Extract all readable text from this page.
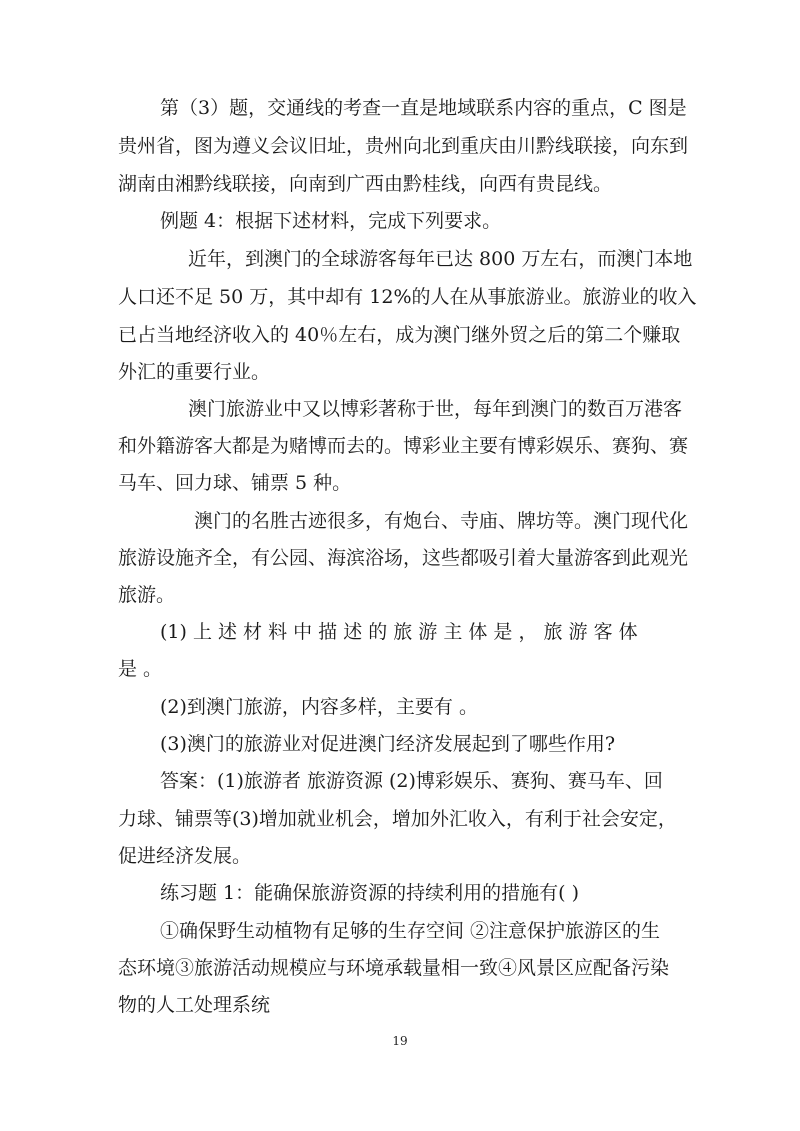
第（3）题，交通线的考查一直是地域联系内容的重点，C 图是
贵州省，图为遵义会议旧址，贵州向北到重庆由川黔线联接，向东到
湖南由湘黔线联接，向南到广西由黔桂线，向西有贵昆线。
例题 4：根据下述材料，完成下列要求。
近年，到澳门的全球游客每年已达 800 万左右，而澳门本地
人口还不足 50 万，其中却有 12%的人在从事旅游业。旅游业的收入
已占当地经济收入的 40％左右，成为澳门继外贸之后的第二个赚取
外汇的重要行业。
澳门旅游业中又以博彩著称于世，每年到澳门的数百万港客
和外籍游客大都是为赌博而去的。博彩业主要有博彩娱乐、赛狗、赛
马车、回力球、铺票 5 种。
澳门的名胜古迹很多，有炮台、寺庙、牌坊等。澳门现代化
旅游设施齐全，有公园、海滨浴场，这些都吸引着大量游客到此观光
旅游。
(1) 上 述 材 料 中 描 述 的 旅 游 主 体 是 ， 旅 游 客 体
是 。
(2)到澳门旅游，内容多样，主要有 。
(3)澳门的旅游业对促进澳门经济发展起到了哪些作用?
答案：(1)旅游者 旅游资源 (2)博彩娱乐、赛狗、赛马车、回
力球、铺票等(3)增加就业机会，增加外汇收入，有利于社会安定，
促进经济发展。
练习题 1：能确保旅游资源的持续利用的措施有( )
①确保野生动植物有足够的生存空间 ②注意保护旅游区的生
态环境③旅游活动规模应与环境承载量相一致④风景区应配备污染
物的人工处理系统
19
